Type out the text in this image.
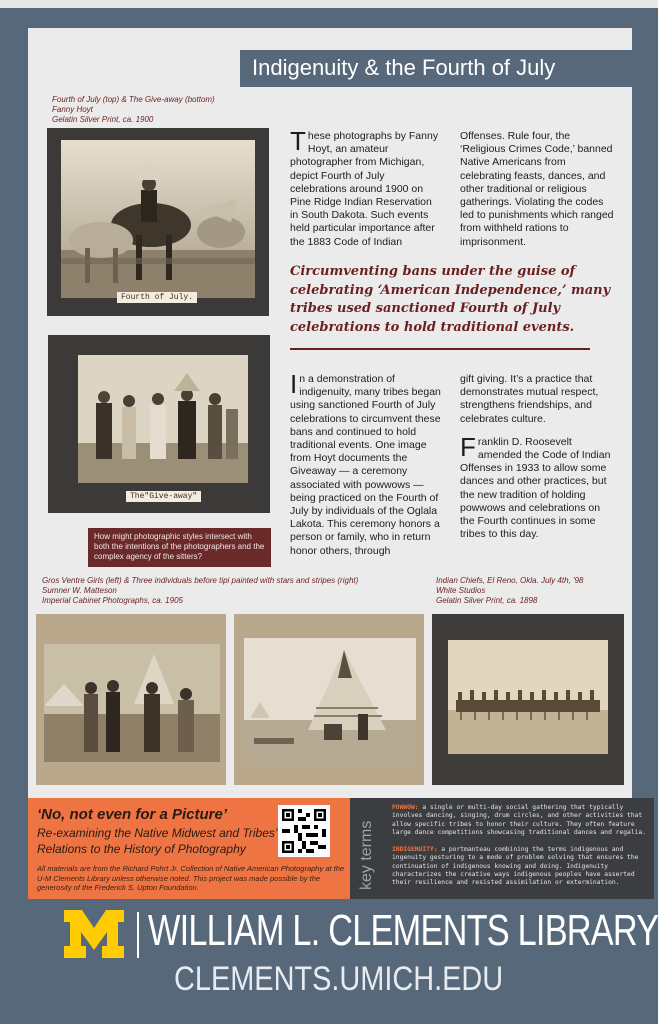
Indigenuity & the Fourth of July
Fourth of July (top) & The Give-away (bottom)
Fanny Hoyt
Gelatin Silver Print, ca. 1900
Fourth of July.
These photographs by Fanny Hoyt, an amateur photographer from Michigan, depict Fourth of July celebrations around 1900 on Pine Ridge Indian Reservation in South Dakota. Such events held particular importance after the 1883 Code of Indian
Offenses. Rule four, the ‘Religious Crimes Code,’ banned Native Americans from celebrating feasts, dances, and other traditional or religious gatherings. Violating the codes led to punishments which ranged from withheld rations to imprisonment.
Circumventing bans under the guise of celebrating ‘American Independence,’ many tribes used sanctioned Fourth of July celebrations to hold traditional events.
The"Give-away"
In a demonstration of indigenuity, many tribes began using sanctioned Fourth of July celebrations to circumvent these bans and continued to hold traditional events. One image from Hoyt documents the Giveaway — a ceremony associated with powwows — being practiced on the Fourth of July by individuals of the Oglala Lakota. This ceremony honors a person or family, who in return honor others, through
gift giving. It’s a practice that demonstrates mutual respect, strengthens friendships, and celebrates culture.
Franklin D. Roosevelt amended the Code of Indian Offenses in 1933 to allow some dances and other practices, but the new tradition of holding powwows and celebrations on the Fourth continues in some tribes to this day.
How might photographic styles intersect with both the intentions of the photographers and the complex agency of the sitters?
Gros Ventre Girls (left) & Three individuals before tipi painted with stars and stripes (right)
Sumner W. Matteson
Imperial Cabinet Photographs, ca. 1905
Indian Chiefs, El Reno, Okla. July 4th, '98
White Studios
Gelatin Silver Print, ca. 1898
‘No, not even for a Picture’
Re-examining the Native Midwest and Tribes’ Relations to the History of Photography
All materials are from the Richard Pohrt Jr. Collection of Native American Photography at the U-M Clements Library unless otherwise noted. This project was made possible by the generosity of the Frederick S. Upton Foundation.	key terms
POWWOW: a single or multi-day social gathering that typically involves dancing, singing, drum circles, and other activities that allow specific tribes to honor their culture. They often feature large dance competitions showcasing traditional dances and regalia.
INDIGENUITY: a portmanteau combining the terms indigenous and ingenuity gesturing to a mode of problem solving that ensures the continuation of indigenous knowing and doing. Indigenuity characterizes the creative ways indigenous peoples have asserted their resilience and resisted assimilation or extermination.
WILLIAM L. CLEMENTS LIBRARY
CLEMENTS.UMICH.EDU
